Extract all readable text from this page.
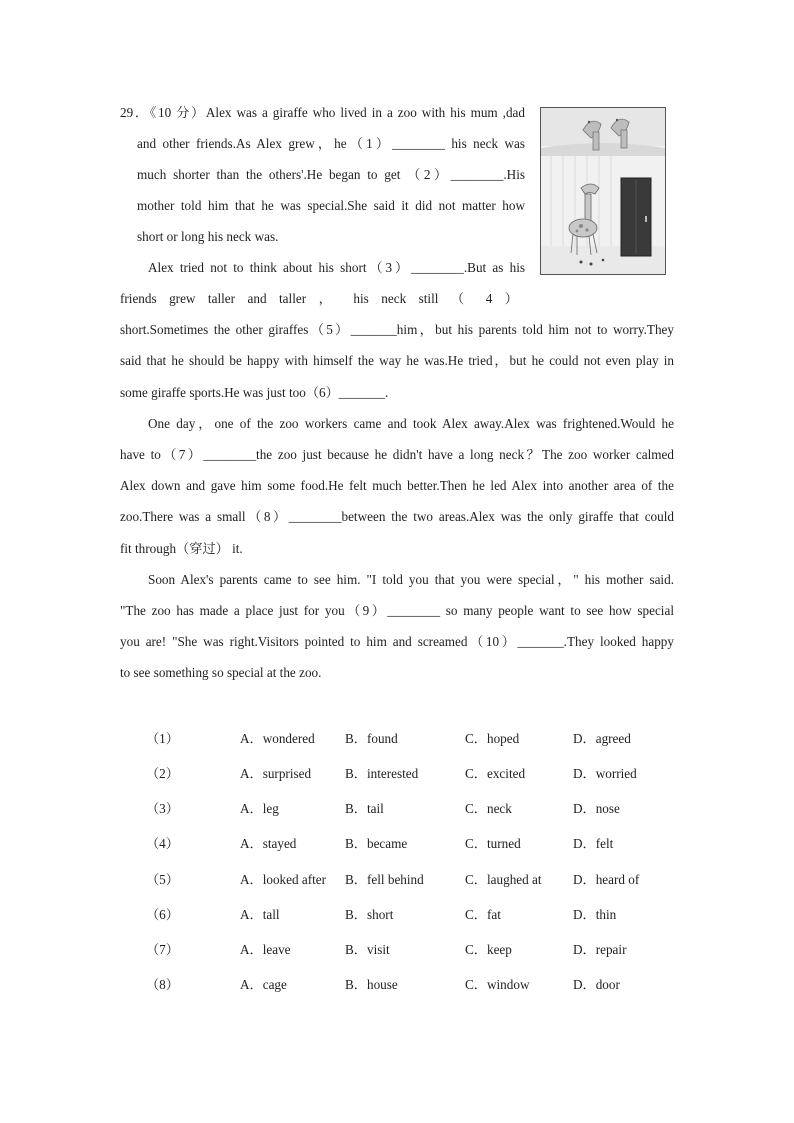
29．《10 分）Alex was a giraffe who lived in a zoo with his mum ,dad
and other friends.As Alex grew，he（1）________ his neck was
much shorter than the others'.He began to get （2）________.His
mother told him that he was special.She said it did not matter how
short or long his neck was.
Alex tried not to think about his short（3）________.But as his
friends grew taller and taller ， his neck still （ 4 ）
short.Sometimes the other giraffes（5）_______him，but his parents told him not to worry.They
said that he should be happy with himself the way he was.He tried，but he could not even play in
some giraffe sports.He was just too（6）_______.
One day，one of the zoo workers came and took Alex away.Alex was frightened.Would he
have to（7）________the zoo just because he didn't have a long neck？The zoo worker calmed
Alex down and gave him some food.He felt much better.Then he led Alex into another area of the
zoo.There was a small（8）________between the two areas.Alex was the only giraffe that could
fit through（穿过） it.
Soon Alex's parents came to see him. "I told you that you were special，" his mother said.
"The zoo has made a place just for you（9）________ so many people want to see how special
you are! "She was right.Visitors pointed to him and screamed（10）_______.They looked happy
to see something so special at the zoo.
（1）	A．wondered B．found	C．hoped	D．agreed
（2）	A．surprised	B．interested	C．excited	D．worried
（3）	A．leg	B．tail	C．neck	D．nose
（4）	A．stayed	B．became	C．turned	D．felt
（5）	A．looked after B．fell behind	C．laughed at D．heard of
（6）	A．tall	B．short	C．fat	D．thin
（7）	A．leave	B．visit	C．keep	D．repair
（8）	A．cage	B．house	C．window	D．door
